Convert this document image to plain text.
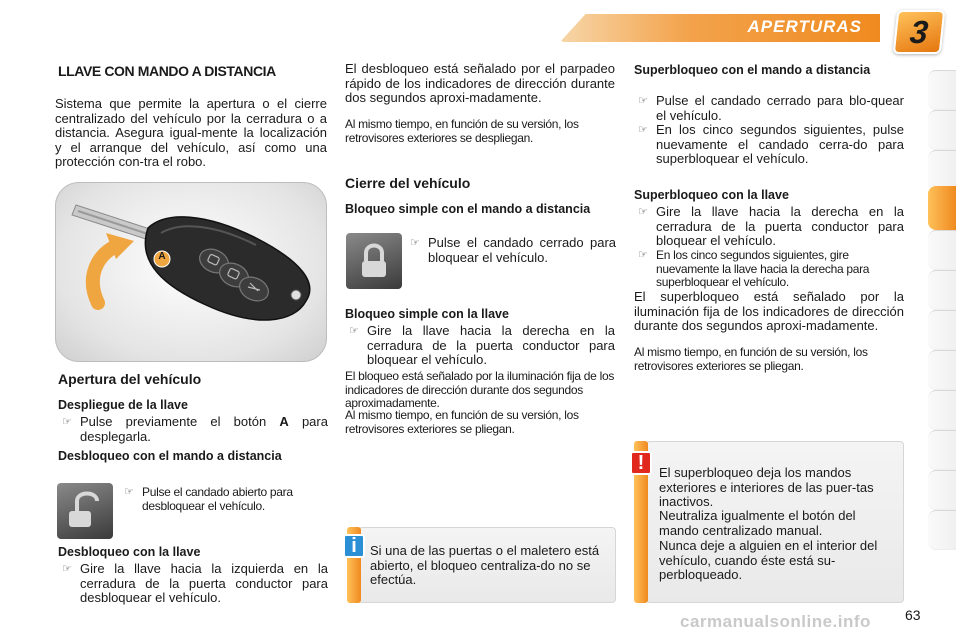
APERTURAS 3
LLAVE CON MANDO A DISTANCIA
Sistema que permite la apertura o el cierre centralizado del vehículo por la cerradura o a distancia. Asegura igual-mente la localización y el arranque del vehículo, así como una protección con-tra el robo.
A
Apertura del vehículo
Despliegue de la llave
☞ Pulse previamente el botón A para desplegarla.
Desbloqueo con el mando a distancia
☞ Pulse el candado abierto para desbloquear el vehículo.
Desbloqueo con la llave
☞ Gire la llave hacia la izquierda en la cerradura de la puerta conductor para desbloquear el vehículo.
El desbloqueo está señalado por el parpadeo rápido de los indicadores de dirección durante dos segundos aproxi-madamente.
Al mismo tiempo, en función de su versión, los retrovisores exteriores se despliegan.
Cierre del vehículo
Bloqueo simple con el mando a distancia
☞ Pulse el candado cerrado para bloquear el vehículo.
Bloqueo simple con la llave
☞ Gire la llave hacia la derecha en la cerradura de la puerta conductor para bloquear el vehículo.
El bloqueo está señalado por la iluminación fija de los indicadores de dirección durante dos segundos aproximadamente.
Al mismo tiempo, en función de su versión, los retrovisores exteriores se pliegan.
i	Si una de las puertas o el maletero está abierto, el bloqueo centraliza-do no se efectúa.
Superbloqueo con el mando a distancia
☞ Pulse el candado cerrado para blo-quear el vehículo.
☞ En los cinco segundos siguientes, pulse nuevamente el candado cerra-do para superbloquear el vehículo.
Superbloqueo con la llave
☞ Gire la llave hacia la derecha en la cerradura de la puerta conductor para bloquear el vehículo.
☞ En los cinco segundos siguientes, gire nuevamente la llave hacia la derecha para superbloquear el vehículo.
El superbloqueo está señalado por la iluminación fija de los indicadores de dirección durante dos segundos aproxi-madamente.
Al mismo tiempo, en función de su versión, los retrovisores exteriores se pliegan.
!	El superbloqueo deja los mandos exteriores e interiores de las puer-tas inactivos.
Neutraliza igualmente el botón del mando centralizado manual.
Nunca deje a alguien en el interior del vehículo, cuando éste está su-perbloqueado.
carmanualsonline.info 63
